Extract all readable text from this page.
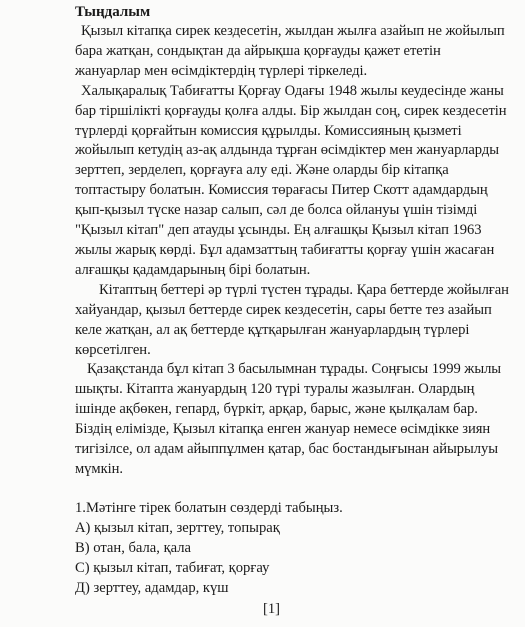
Тыңдалым

Қызыл кітапқа сирек кездесетін, жылдан жылға азайып не жойылып бара жатқан, сондықтан да айрықша қорғауды қажет ететін жануарлар мен өсімдіктердің түрлері тіркеледі.

Халықаралық Табиғатты Қорғау Одағы 1948 жылы кеудесінде жаны бар тіршілікті қорғауды қолға алды. Бір жылдан соң, сирек кездесетін түрлерді қорғайтын комиссия құрылды. Комиссияның қызметі жойылып кетудің аз-ақ алдында тұрған өсімдіктер мен жануарларды зерттеп, зерделеп, қорғауға алу еді. Және оларды бір кітапқа топтастыру болатын. Комиссия төрағасы Питер Скотт адамдардың қып-қызыл түске назар салып, сәл де болса ойлануы үшін тізімді "Қызыл кітап" деп атауды ұсынды. Ең алғашқы Қызыл кітап 1963 жылы жарық көрді. Бұл адамзаттың табиғатты қорғау үшін жасаған алғашқы қадамдарының бірі болатын.

Кітаптың беттері әр түрлі түстен тұрады. Қара беттерде жойылған хайуандар, қызыл беттерде сирек кездесетін, сары бетте тез азайып келе жатқан, ал ақ беттерде құтқарылған жануарлардың түрлері көрсетілген.

Қазақстанда бұл кітап 3 басылымнан тұрады. Соңғысы 1999 жылы шықты. Кітапта жануардың 120 түрі туралы жазылған. Олардың ішінде ақбөкен, гепард, бүркіт, арқар, барыс, және қылқалам бар. Біздің елімізде, Қызыл кітапқа енген жануар немесе өсімдікке зиян тигізілсе, ол адам айыппұлмен қатар, бас бостандығынан айырылуы мүмкін.

1.Мәтінге тірек болатын сөздерді табыңыз.
А) қызыл кітап, зерттеу, топырақ
В) отан, бала, қала
С) қызыл кітап, табиғат, қорғау
Д) зерттеу, адамдар, күш
[1]
